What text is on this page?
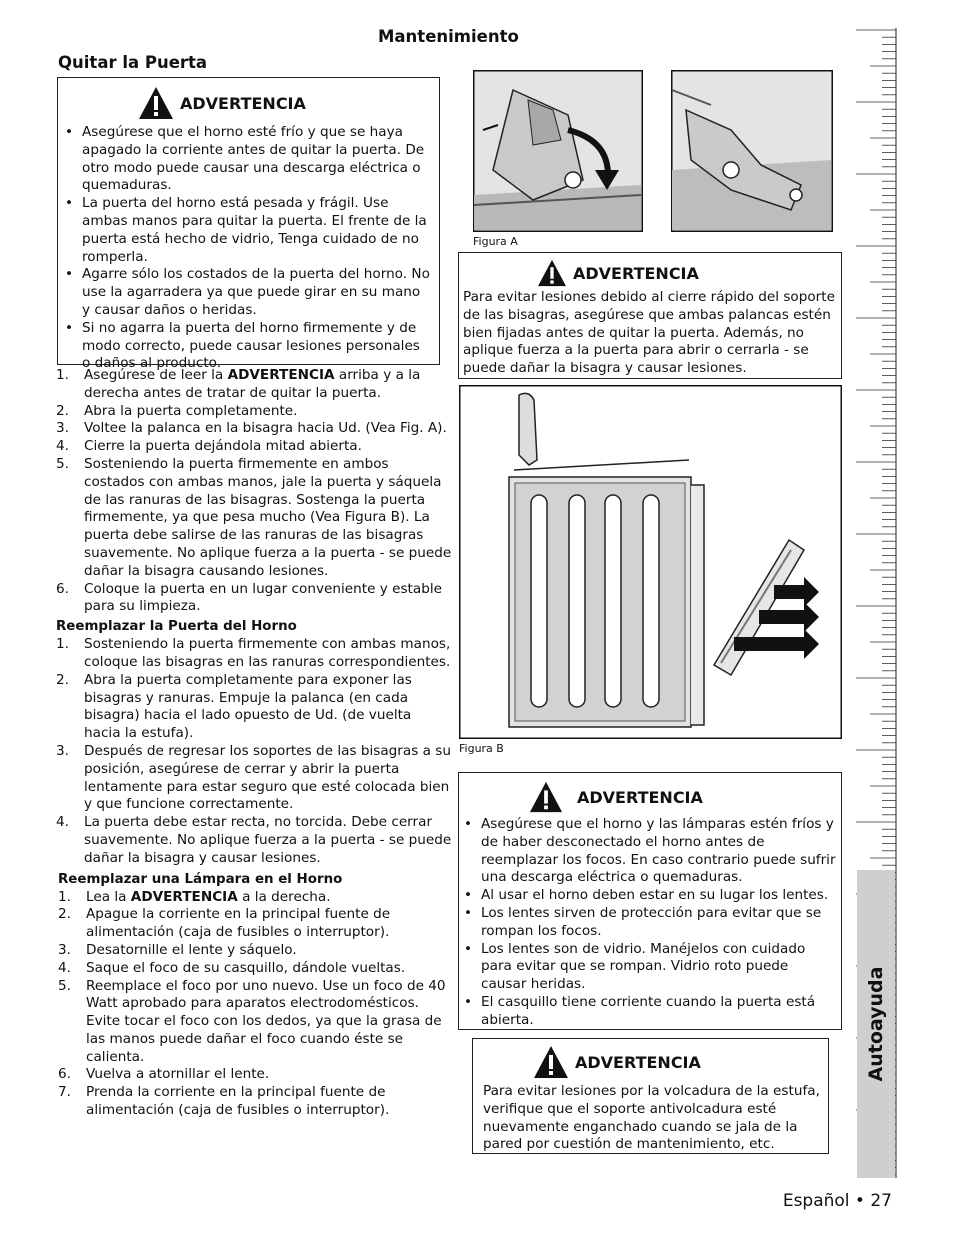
Mantenimiento
Quitar la Puerta
ADVERTENCIA
• Asegúrese que el horno esté frío y que se haya apagado la corriente antes de quitar la puerta. De otro modo puede causar una descarga eléctrica o quemaduras.
• La puerta del horno está pesada y frágil. Use ambas manos para quitar la puerta. El frente de la puerta está hecho de vidrio, Tenga cuidado de no romperla.
• Agarre sólo los costados de la puerta del horno. No use la agarradera ya que puede girar en su mano y causar daños o heridas.
• Si no agarra la puerta del horno firmemente y de modo correcto, puede causar lesiones personales o daños al producto.
1. Asegúrese de leer la ADVERTENCIA arriba y a la derecha antes de tratar de quitar la puerta.
2. Abra la puerta completamente.
3. Voltee la palanca en la bisagra hacia Ud. (Vea Fig. A).
4. Cierre la puerta dejándola mitad abierta.
5. Sosteniendo la puerta firmemente en ambos costados con ambas manos, jale la puerta y sáquela de las ranuras de las bisagras. Sostenga la puerta firmemente, ya que pesa mucho (Vea Figura B). La puerta debe salirse de las ranuras de las bisagras suavemente. No aplique fuerza a la puerta - se puede dañar la bisagra causando lesiones.
6. Coloque la puerta en un lugar conveniente y estable para su limpieza.
Reemplazar la Puerta del Horno
1. Sosteniendo la puerta firmemente con ambas manos, coloque las bisagras en las ranuras correspondientes.
2. Abra la puerta completamente para exponer las bisagras y ranuras. Empuje la palanca (en cada bisagra) hacia el lado opuesto de Ud. (de vuelta hacia la estufa).
3. Después de regresar los soportes de las bisagras a su posición, asegúrese de cerrar y abrir la puerta lentamente para estar seguro que esté colocada bien y que funcione correctamente.
4. La puerta debe estar recta, no torcida. Debe cerrar suavemente. No aplique fuerza a la puerta - se puede dañar la bisagra y causar lesiones.
Reemplazar una Lámpara en el Horno
1. Lea la ADVERTENCIA a la derecha.
2. Apague la corriente en la principal fuente de alimentación (caja de fusibles o interruptor).
3. Desatornille el lente y sáquelo.
4. Saque el foco de su casquillo, dándole vueltas.
5. Reemplace el foco por uno nuevo. Use un foco de 40 Watt aprobado para aparatos electrodomésticos. Evite tocar el foco con los dedos, ya que la grasa de las manos puede dañar el foco cuando éste se calienta.
6. Vuelva a atornillar el lente.
7. Prenda la corriente en la principal fuente de alimentación (caja de fusibles o interruptor).
Figura A
ADVERTENCIA
Para evitar lesiones debido al cierre rápido del soporte de las bisagras, asegúrese que ambas palancas estén bien fijadas antes de quitar la puerta. Además, no aplique fuerza a la puerta para abrir o cerrarla - se puede dañar la bisagra y causar lesiones.
Figura B
ADVERTENCIA
• Asegúrese que el horno y las lámparas estén fríos y de haber desconectado el horno antes de reemplazar los focos. En caso contrario puede sufrir una descarga eléctrica o quemaduras.
• Al usar el horno deben estar en su lugar los lentes.
• Los lentes sirven de protección para evitar que se rompan los focos.
• Los lentes son de vidrio. Manéjelos con cuidado para evitar que se rompan. Vidrio roto puede causar heridas.
• El casquillo tiene corriente cuando la puerta está abierta.
ADVERTENCIA
Para evitar lesiones por la volcadura de la estufa, verifique que el soporte antivolcadura esté nuevamente enganchado cuando se jala de la pared por cuestión de mantenimiento, etc.
Autoayuda
Español • 27
